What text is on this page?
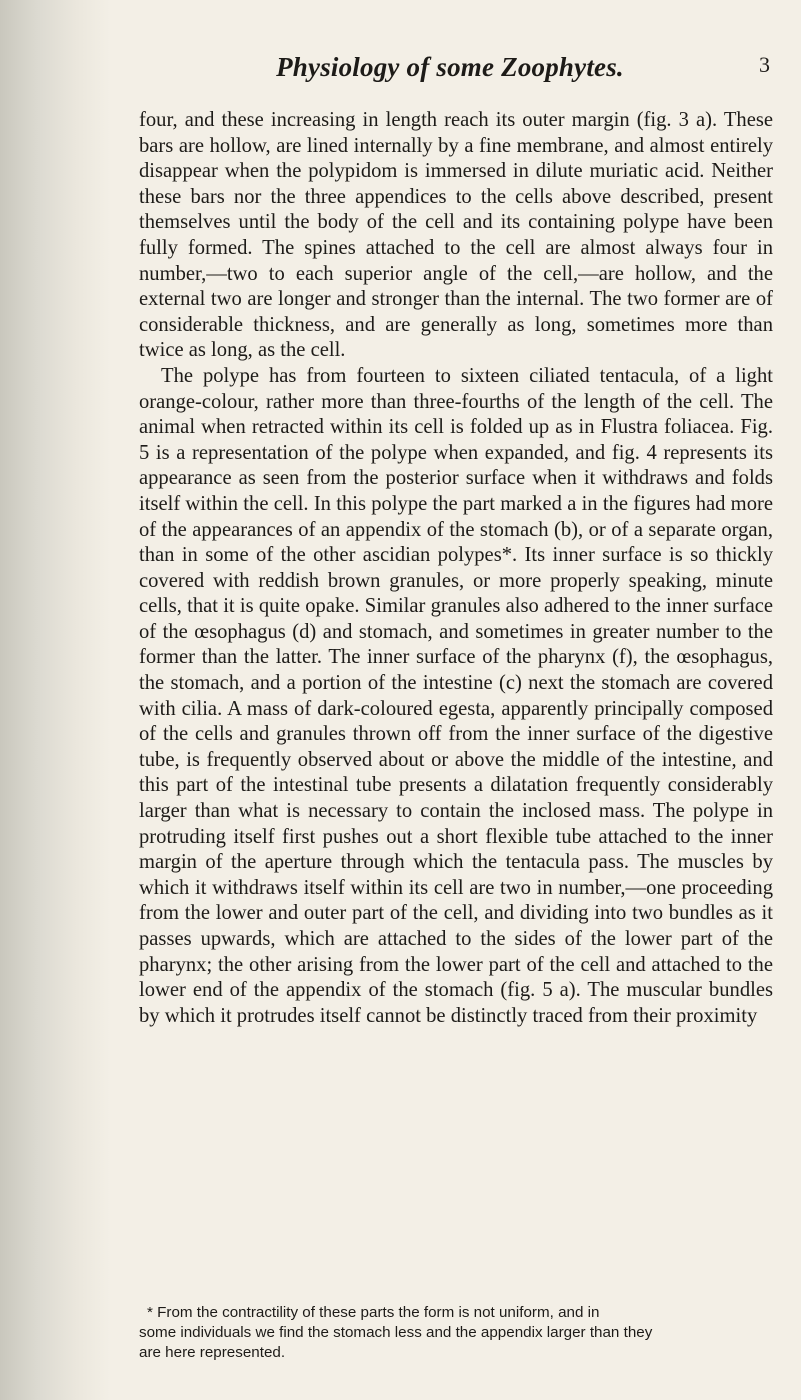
Physiology of some Zoophytes.	3

four, and these increasing in length reach its outer margin (fig. 3 a). These bars are hollow, are lined internally by a fine membrane, and almost entirely disappear when the polypidom is immersed in dilute muriatic acid. Neither these bars nor the three appendices to the cells above described, present themselves until the body of the cell and its containing polype have been fully formed. The spines attached to the cell are almost always four in number,—two to each superior angle of the cell,—are hollow, and the external two are longer and stronger than the internal. The two former are of considerable thickness, and are generally as long, sometimes more than twice as long, as the cell.

The polype has from fourteen to sixteen ciliated tentacula, of a light orange-colour, rather more than three-fourths of the length of the cell. The animal when retracted within its cell is folded up as in Flustra foliacea. Fig. 5 is a representation of the polype when expanded, and fig. 4 represents its appearance as seen from the posterior surface when it withdraws and folds itself within the cell. In this polype the part marked a in the figures had more of the appearances of an appendix of the stomach (b), or of a separate organ, than in some of the other ascidian polypes*. Its inner surface is so thickly covered with reddish brown granules, or more properly speaking, minute cells, that it is quite opake. Similar granules also adhered to the inner surface of the œsophagus (d) and stomach, and sometimes in greater number to the former than the latter. The inner surface of the pharynx (f), the œsophagus, the stomach, and a portion of the intestine (c) next the stomach are covered with cilia. A mass of dark-coloured egesta, apparently principally composed of the cells and granules thrown off from the inner surface of the digestive tube, is frequently observed about or above the middle of the intestine, and this part of the intestinal tube presents a dilatation frequently considerably larger than what is necessary to contain the inclosed mass. The polype in protruding itself first pushes out a short flexible tube attached to the inner margin of the aperture through which the tentacula pass. The muscles by which it withdraws itself within its cell are two in number,—one proceeding from the lower and outer part of the cell, and dividing into two bundles as it passes upwards, which are attached to the sides of the lower part of the pharynx; the other arising from the lower part of the cell and attached to the lower end of the appendix of the stomach (fig. 5 a). The muscular bundles by which it protrudes itself cannot be distinctly traced from their proximity

* From the contractility of these parts the form is not uniform, and in
some individuals we find the stomach less and the appendix larger than they
are here represented.
